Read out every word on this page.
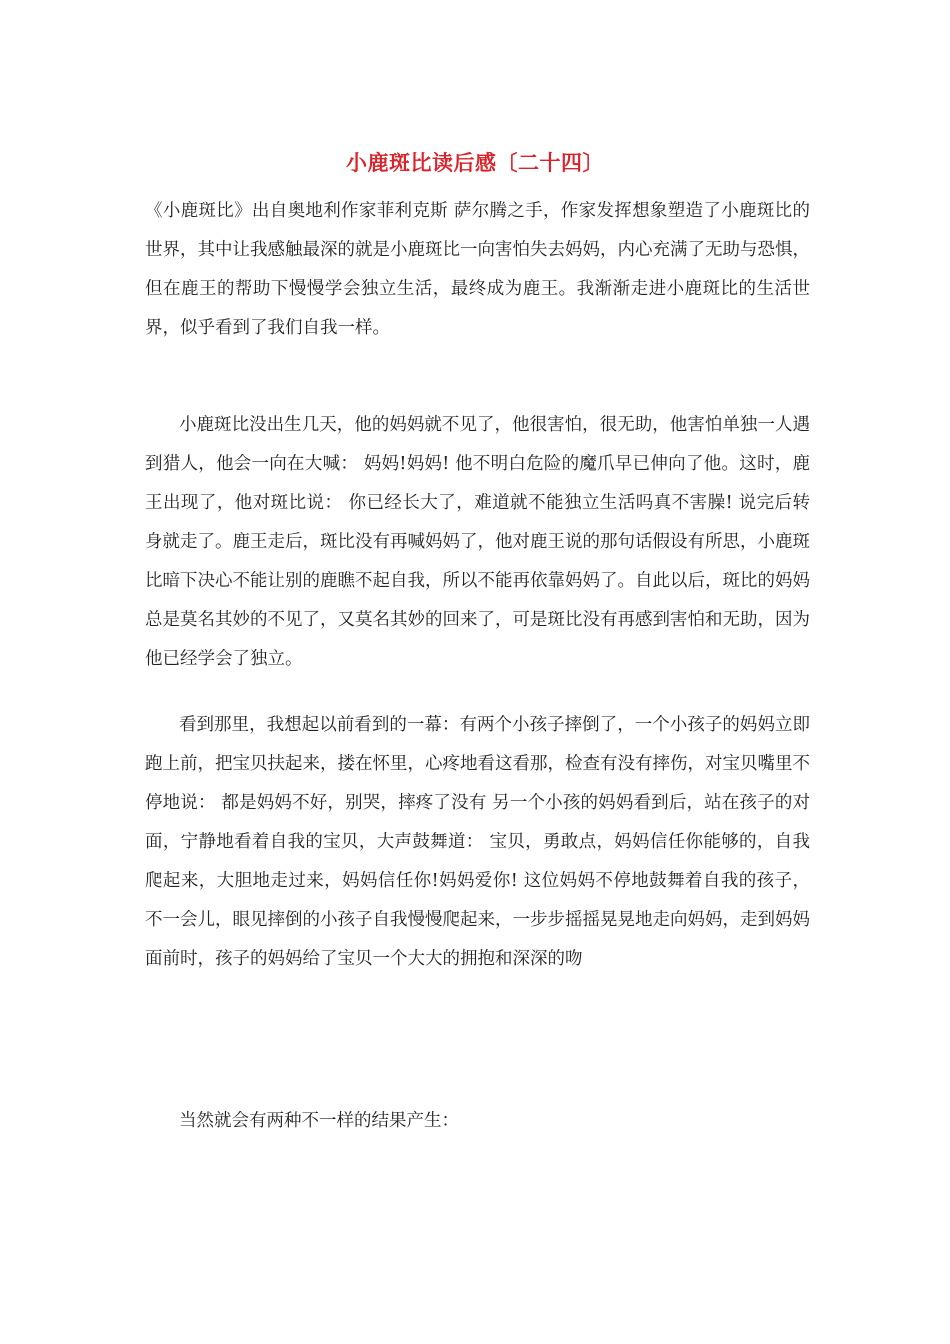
小鹿斑比读后感〔二十四〕

《小鹿斑比》出自奥地利作家菲利克斯 萨尔腾之手，作家发挥想象塑造了小鹿斑比的世界，其中让我感触最深的就是小鹿斑比一向害怕失去妈妈，内心充满了无助与恐惧，但在鹿王的帮助下慢慢学会独立生活，最终成为鹿王。我渐渐走进小鹿斑比的生活世界，似乎看到了我们自我一样。

小鹿斑比没出生几天，他的妈妈就不见了，他很害怕，很无助，他害怕单独一人遇到猎人，他会一向在大喊： 妈妈!妈妈! 他不明白危险的魔爪早已伸向了他。这时，鹿王出现了，他对斑比说： 你已经长大了，难道就不能独立生活吗真不害臊! 说完后转身就走了。鹿王走后，斑比没有再喊妈妈了，他对鹿王说的那句话假设有所思，小鹿斑比暗下决心不能让别的鹿瞧不起自我，所以不能再依靠妈妈了。自此以后，斑比的妈妈总是莫名其妙的不见了，又莫名其妙的回来了，可是斑比没有再感到害怕和无助，因为他已经学会了独立。

看到那里，我想起以前看到的一幕：有两个小孩子摔倒了，一个小孩子的妈妈立即跑上前，把宝贝扶起来，搂在怀里，心疼地看这看那，检查有没有摔伤，对宝贝嘴里不停地说： 都是妈妈不好，别哭，摔疼了没有 另一个小孩的妈妈看到后，站在孩子的对面，宁静地看着自我的宝贝，大声鼓舞道： 宝贝，勇敢点，妈妈信任你能够的，自我爬起来，大胆地走过来，妈妈信任你!妈妈爱你! 这位妈妈不停地鼓舞着自我的孩子，不一会儿，眼见摔倒的小孩子自我慢慢爬起来，一步步摇摇晃晃地走向妈妈，走到妈妈面前时，孩子的妈妈给了宝贝一个大大的拥抱和深深的吻

当然就会有两种不一样的结果产生：
